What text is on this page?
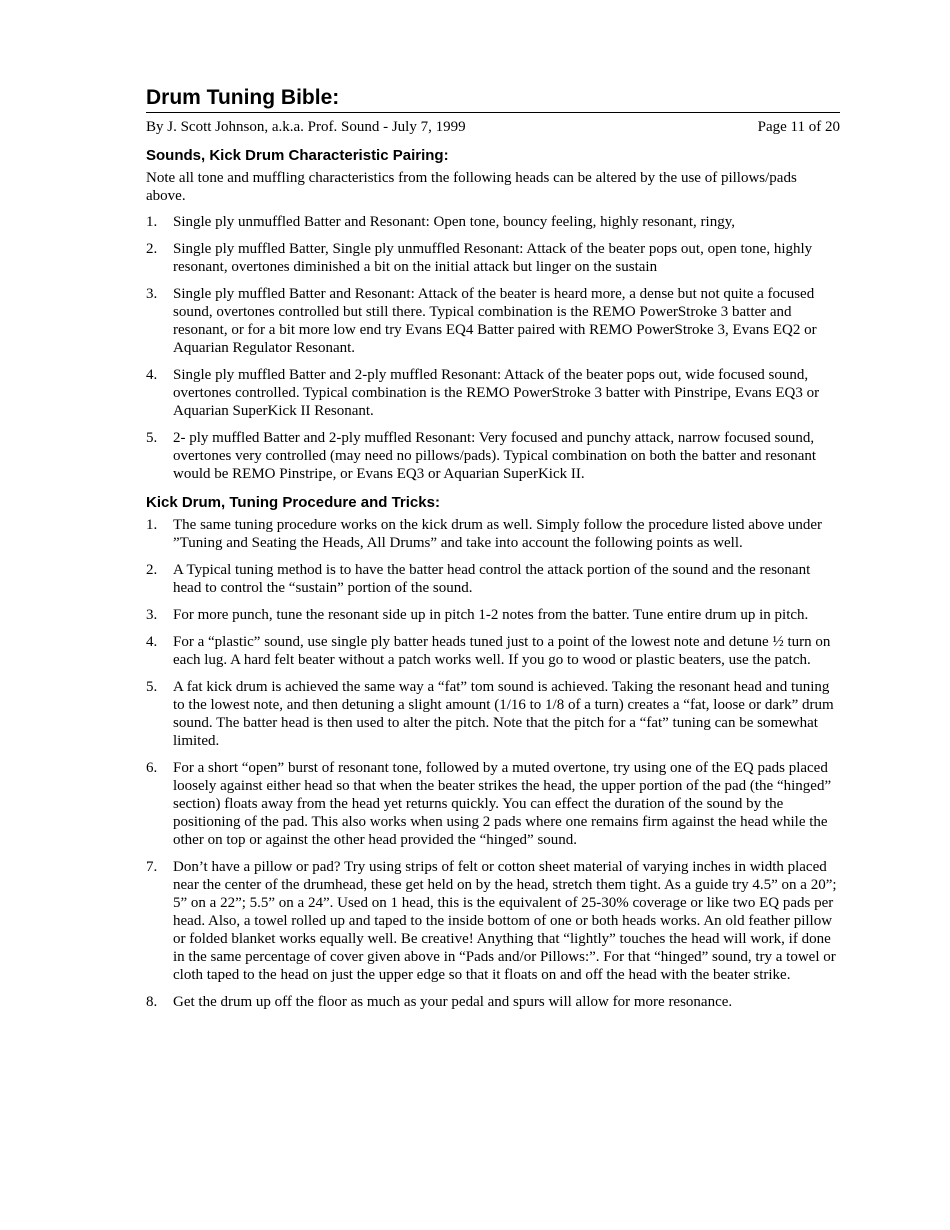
Drum Tuning Bible:
By J. Scott Johnson, a.k.a. Prof. Sound - July 7, 1999	Page 11 of 20
Sounds, Kick Drum Characteristic Pairing:

Note all tone and muffling characteristics from the following heads can be altered by the use of pillows/pads above.

1.	Single ply unmuffled Batter and Resonant: Open tone, bouncy feeling, highly resonant, ringy,
2.	Single ply muffled Batter, Single ply unmuffled Resonant: Attack of the beater pops out, open tone, highly resonant, overtones diminished a bit on the initial attack but linger on the sustain
3.	Single ply muffled Batter and Resonant: Attack of the beater is heard more, a dense but not quite a focused sound, overtones controlled but still there. Typical combination is the REMO PowerStroke 3 batter and resonant, or for a bit more low end try Evans EQ4 Batter paired with REMO PowerStroke 3, Evans EQ2 or Aquarian Regulator Resonant.
4.	Single ply muffled Batter and 2-ply muffled Resonant: Attack of the beater pops out, wide focused sound, overtones controlled. Typical combination is the REMO PowerStroke 3 batter with Pinstripe, Evans EQ3 or Aquarian SuperKick II Resonant.
5.	2- ply muffled Batter and 2-ply muffled Resonant: Very focused and punchy attack, narrow focused sound, overtones very controlled (may need no pillows/pads). Typical combination on both the batter and resonant would be REMO Pinstripe, or Evans EQ3 or Aquarian SuperKick II.
Kick Drum, Tuning Procedure and Tricks:
1.	The same tuning procedure works on the kick drum as well. Simply follow the procedure listed above under ”Tuning and Seating the Heads, All Drums” and take into account the following points as well.
2.	A Typical tuning method is to have the batter head control the attack portion of the sound and the resonant head to control the “sustain” portion of the sound.
3.	For more punch, tune the resonant side up in pitch 1-2 notes from the batter. Tune entire drum up in pitch.
4.	For a “plastic” sound, use single ply batter heads tuned just to a point of the lowest note and detune ½ turn on each lug. A hard felt beater without a patch works well. If you go to wood or plastic beaters, use the patch.
5.	A fat kick drum is achieved the same way a “fat” tom sound is achieved. Taking the resonant head and tuning to the lowest note, and then detuning a slight amount (1/16 to 1/8 of a turn) creates a “fat, loose or dark” drum sound. The batter head is then used to alter the pitch. Note that the pitch for a “fat” tuning can be somewhat limited.
6.	For a short “open” burst of resonant tone, followed by a muted overtone, try using one of the EQ pads placed loosely against either head so that when the beater strikes the head, the upper portion of the pad (the “hinged” section) floats away from the head yet returns quickly. You can effect the duration of the sound by the positioning of the pad. This also works when using 2 pads where one remains firm against the head while the other on top or against the other head provided the “hinged” sound.
7.	Don’t have a pillow or pad? Try using strips of felt or cotton sheet material of varying inches in width placed near the center of the drumhead, these get held on by the head, stretch them tight. As a guide try 4.5” on a 20”; 5” on a 22”; 5.5” on a 24”. Used on 1 head, this is the equivalent of 25-30% coverage or like two EQ pads per head. Also, a towel rolled up and taped to the inside bottom of one or both heads works. An old feather pillow or folded blanket works equally well. Be creative! Anything that “lightly” touches the head will work, if done in the same percentage of cover given above in “Pads and/or Pillows:”. For that “hinged” sound, try a towel or cloth taped to the head on just the upper edge so that it floats on and off the head with the beater strike.
8.	Get the drum up off the floor as much as your pedal and spurs will allow for more resonance.
